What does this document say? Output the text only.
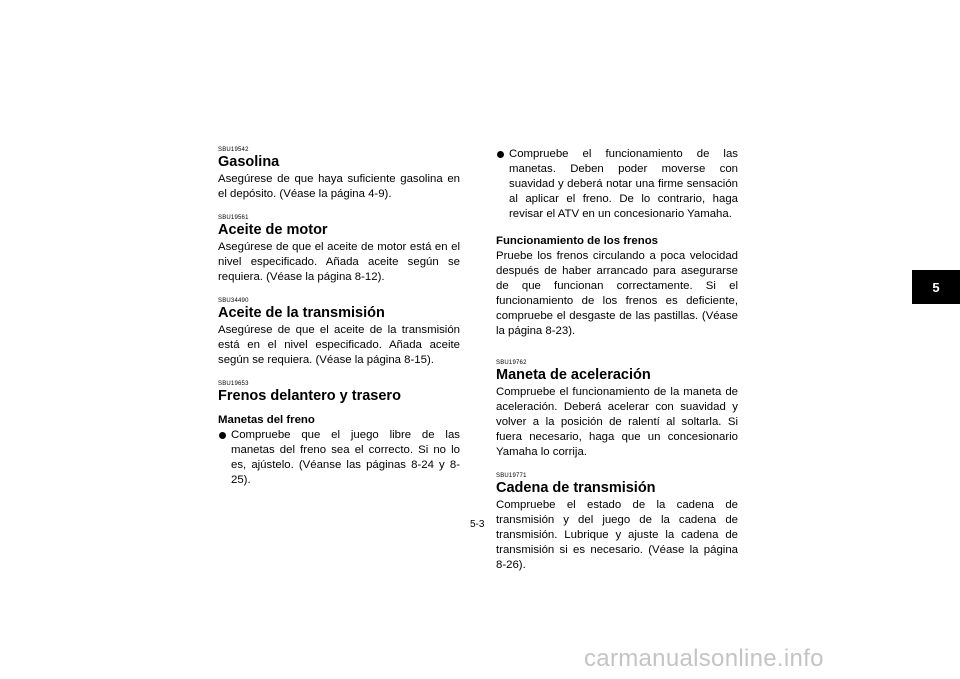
SBU19542

Gasolina

Asegúrese de que haya suficiente gasolina en el depósito. (Véase la página 4-9).

SBU19561

Aceite de motor

Asegúrese de que el aceite de motor está en el nivel especificado. Añada aceite según se requiera. (Véase la página 8-12).

SBU34490

Aceite de la transmisión

Asegúrese de que el aceite de la transmisión está en el nivel especificado. Añada aceite según se requiera. (Véase la página 8-15).

SBU19653

Frenos delantero y trasero

Manetas del freno

Compruebe que el juego libre de las manetas del freno sea el correcto. Si no lo es, ajústelo. (Véanse las páginas 8-24 y 8-25).
Compruebe el funcionamiento de las manetas. Deben poder moverse con suavidad y deberá notar una firme sensación al aplicar el freno. De lo contrario, haga revisar el ATV en un concesionario Yamaha.

Funcionamiento de los frenos

Pruebe los frenos circulando a poca velocidad después de haber arrancado para asegurarse de que funcionan correctamente. Si el funcionamiento de los frenos es deficiente, compruebe el desgaste de las pastillas. (Véase la página 8-23).

SBU19762

Maneta de aceleración

Compruebe el funcionamiento de la maneta de aceleración. Deberá acelerar con suavidad y volver a la posición de ralentí al soltarla. Si fuera necesario, haga que un concesionario Yamaha lo corrija.

SBU19771

Cadena de transmisión

Compruebe el estado de la cadena de transmisión y del juego de la cadena de transmisión. Lubrique y ajuste la cadena de transmisión si es necesario. (Véase la página 8-26).

5
5-3
carmanualsonline.info
